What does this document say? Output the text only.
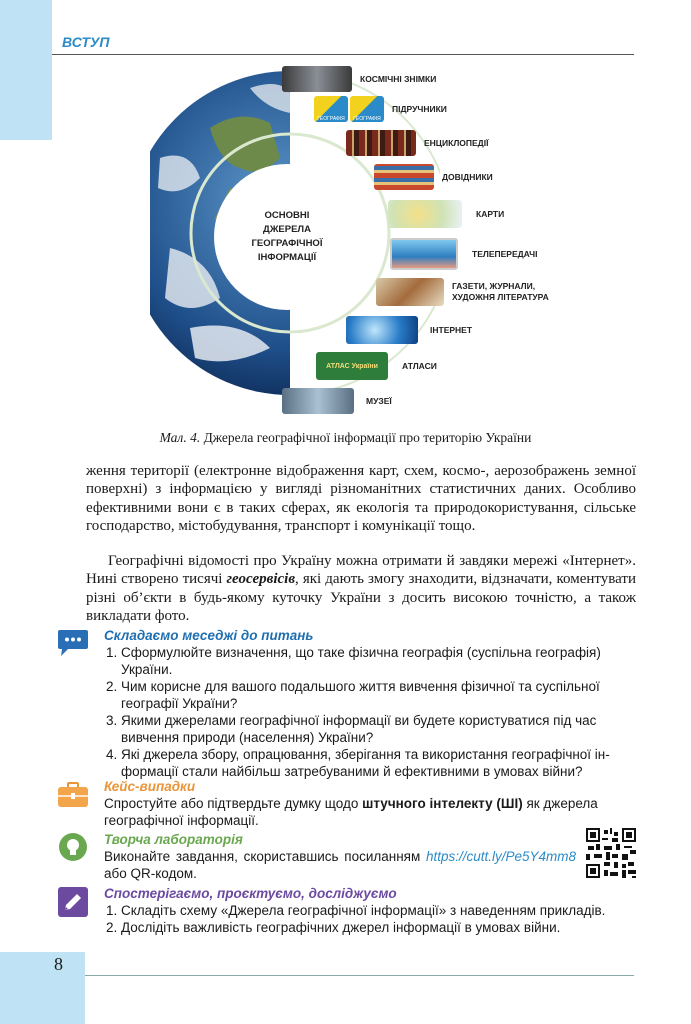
ВСТУП
ОСНОВНІ
ДЖЕРЕЛА
ГЕОГРАФІЧНОЇ
ІНФОРМАЦІЇ
КОСМІЧНІ ЗНІМКИ
ГЕОГРАФІЯ	ГЕОГРАФІЯ
ПІДРУЧНИКИ
ЕНЦИКЛОПЕДІЇ
ДОВІДНИКИ
КАРТИ
ТЕЛЕПЕРЕДАЧІ
ГАЗЕТИ, ЖУРНАЛИ,
ХУДОЖНЯ ЛІТЕРАТУРА
ІНТЕРНЕТ
АТЛАС України	АТЛАСИ
МУЗЕЇ
Мал. 4. Джерела географічної інформації про територію України

ження території (електронне відображення карт, схем, космо-, аерозображень земної поверхні) з інформацією у вигляді різноманітних статистичних даних. Особливо ефективними вони є в таких сферах, як екологія та природокористування, сільське господарство, містобудування, транспорт і комунікації тощо.

Географічні відомості про Україну можна отримати й завдяки мережі «Інтернет». Нині створено тисячі геосервісів, які дають змогу знаходити, відзначати, коментувати різні об’єкти в будь-якому куточку України з досить високою точністю, а також викладати фото.

Складаємо меседжі до питань
1. Сформулюйте визначення, що таке фізична географія (суспільна географія) України.
2. Чим корисне для вашого подальшого життя вивчення фізичної та суспільної географії України?
3. Якими джерелами географічної інформації ви будете користуватися під час вивчення природи (населення) України?
4. Які джерела збору, опрацювання, зберігання та використання географічної інформації стали найбільш затребуваними й ефективними в умовах війни?
Кейс-випадки
Спростуйте або підтвердьте думку щодо штучного інтелекту (ШІ) як джерела географічної інформації.
Творча лабораторія
Виконайте завдання, скориставшись посиланням https://cutt.ly/Pe5Y4mm8 або QR-кодом.
Спостерігаємо, проєктуємо, досліджуємо
1. Складіть схему «Джерела географічної інформації» з наведенням прикладів.
2. Дослідіть важливість географічних джерел інформації в умовах війни.
8
